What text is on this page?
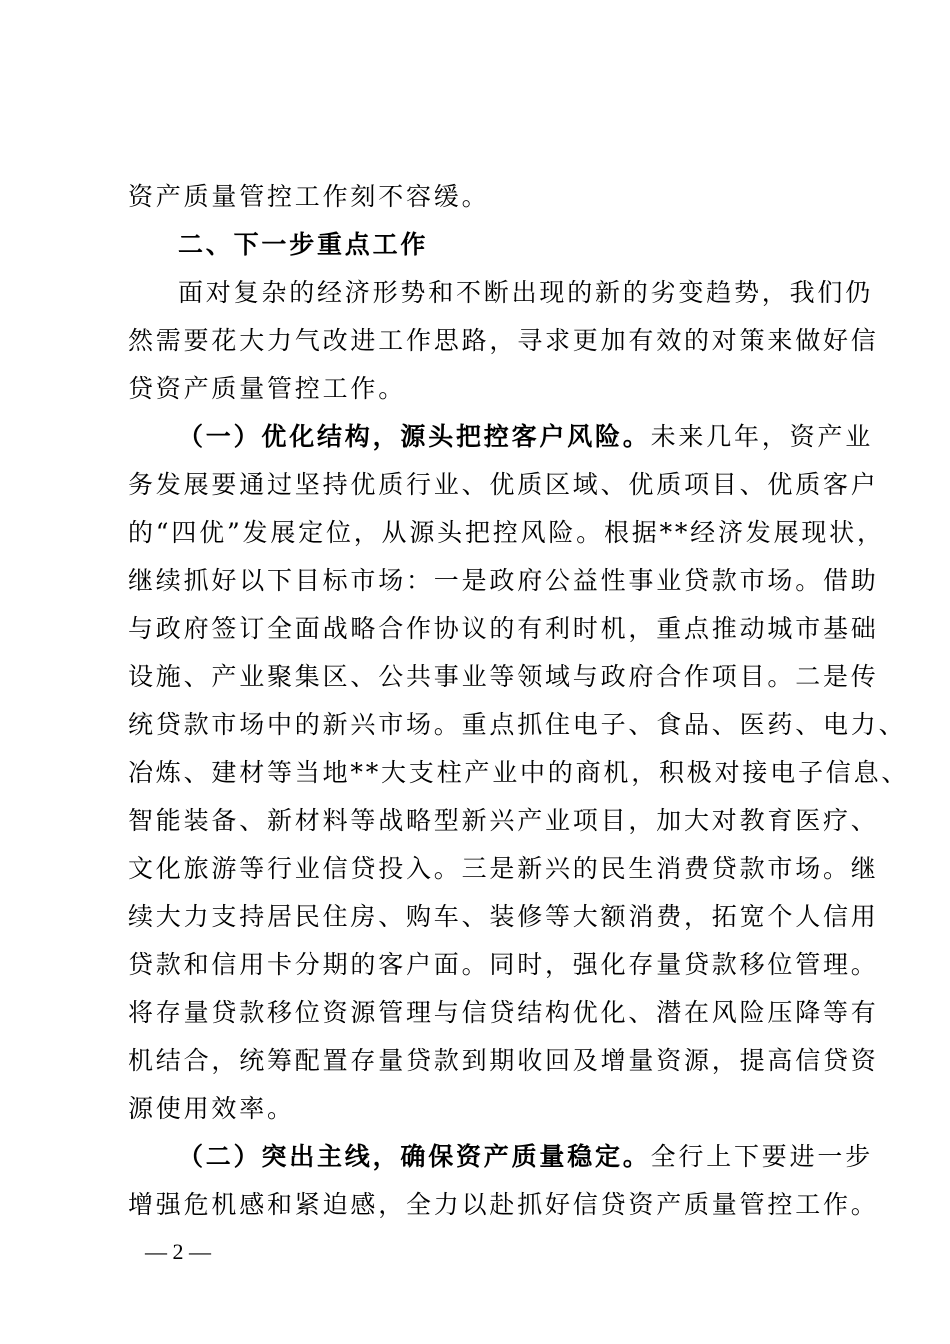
资产质量管控工作刻不容缓。
二、下一步重点工作
面对复杂的经济形势和不断出现的新的劣变趋势，我们仍
然需要花大力气改进工作思路，寻求更加有效的对策来做好信
贷资产质量管控工作。
（一）优化结构，源头把控客户风险。未来几年，资产业
务发展要通过坚持优质行业、优质区域、优质项目、优质客户
的“四优”发展定位，从源头把控风险。根据**经济发展现状，
继续抓好以下目标市场：一是政府公益性事业贷款市场。借助
与政府签订全面战略合作协议的有利时机，重点推动城市基础
设施、产业聚集区、公共事业等领域与政府合作项目。二是传
统贷款市场中的新兴市场。重点抓住电子、食品、医药、电力、
冶炼、建材等当地**大支柱产业中的商机，积极对接电子信息、
智能装备、新材料等战略型新兴产业项目，加大对教育医疗、
文化旅游等行业信贷投入。三是新兴的民生消费贷款市场。继
续大力支持居民住房、购车、装修等大额消费，拓宽个人信用
贷款和信用卡分期的客户面。同时，强化存量贷款移位管理。
将存量贷款移位资源管理与信贷结构优化、潜在风险压降等有
机结合，统筹配置存量贷款到期收回及增量资源，提高信贷资
源使用效率。
（二）突出主线，确保资产质量稳定。全行上下要进一步
增强危机感和紧迫感，全力以赴抓好信贷资产质量管控工作。
— 2 —
